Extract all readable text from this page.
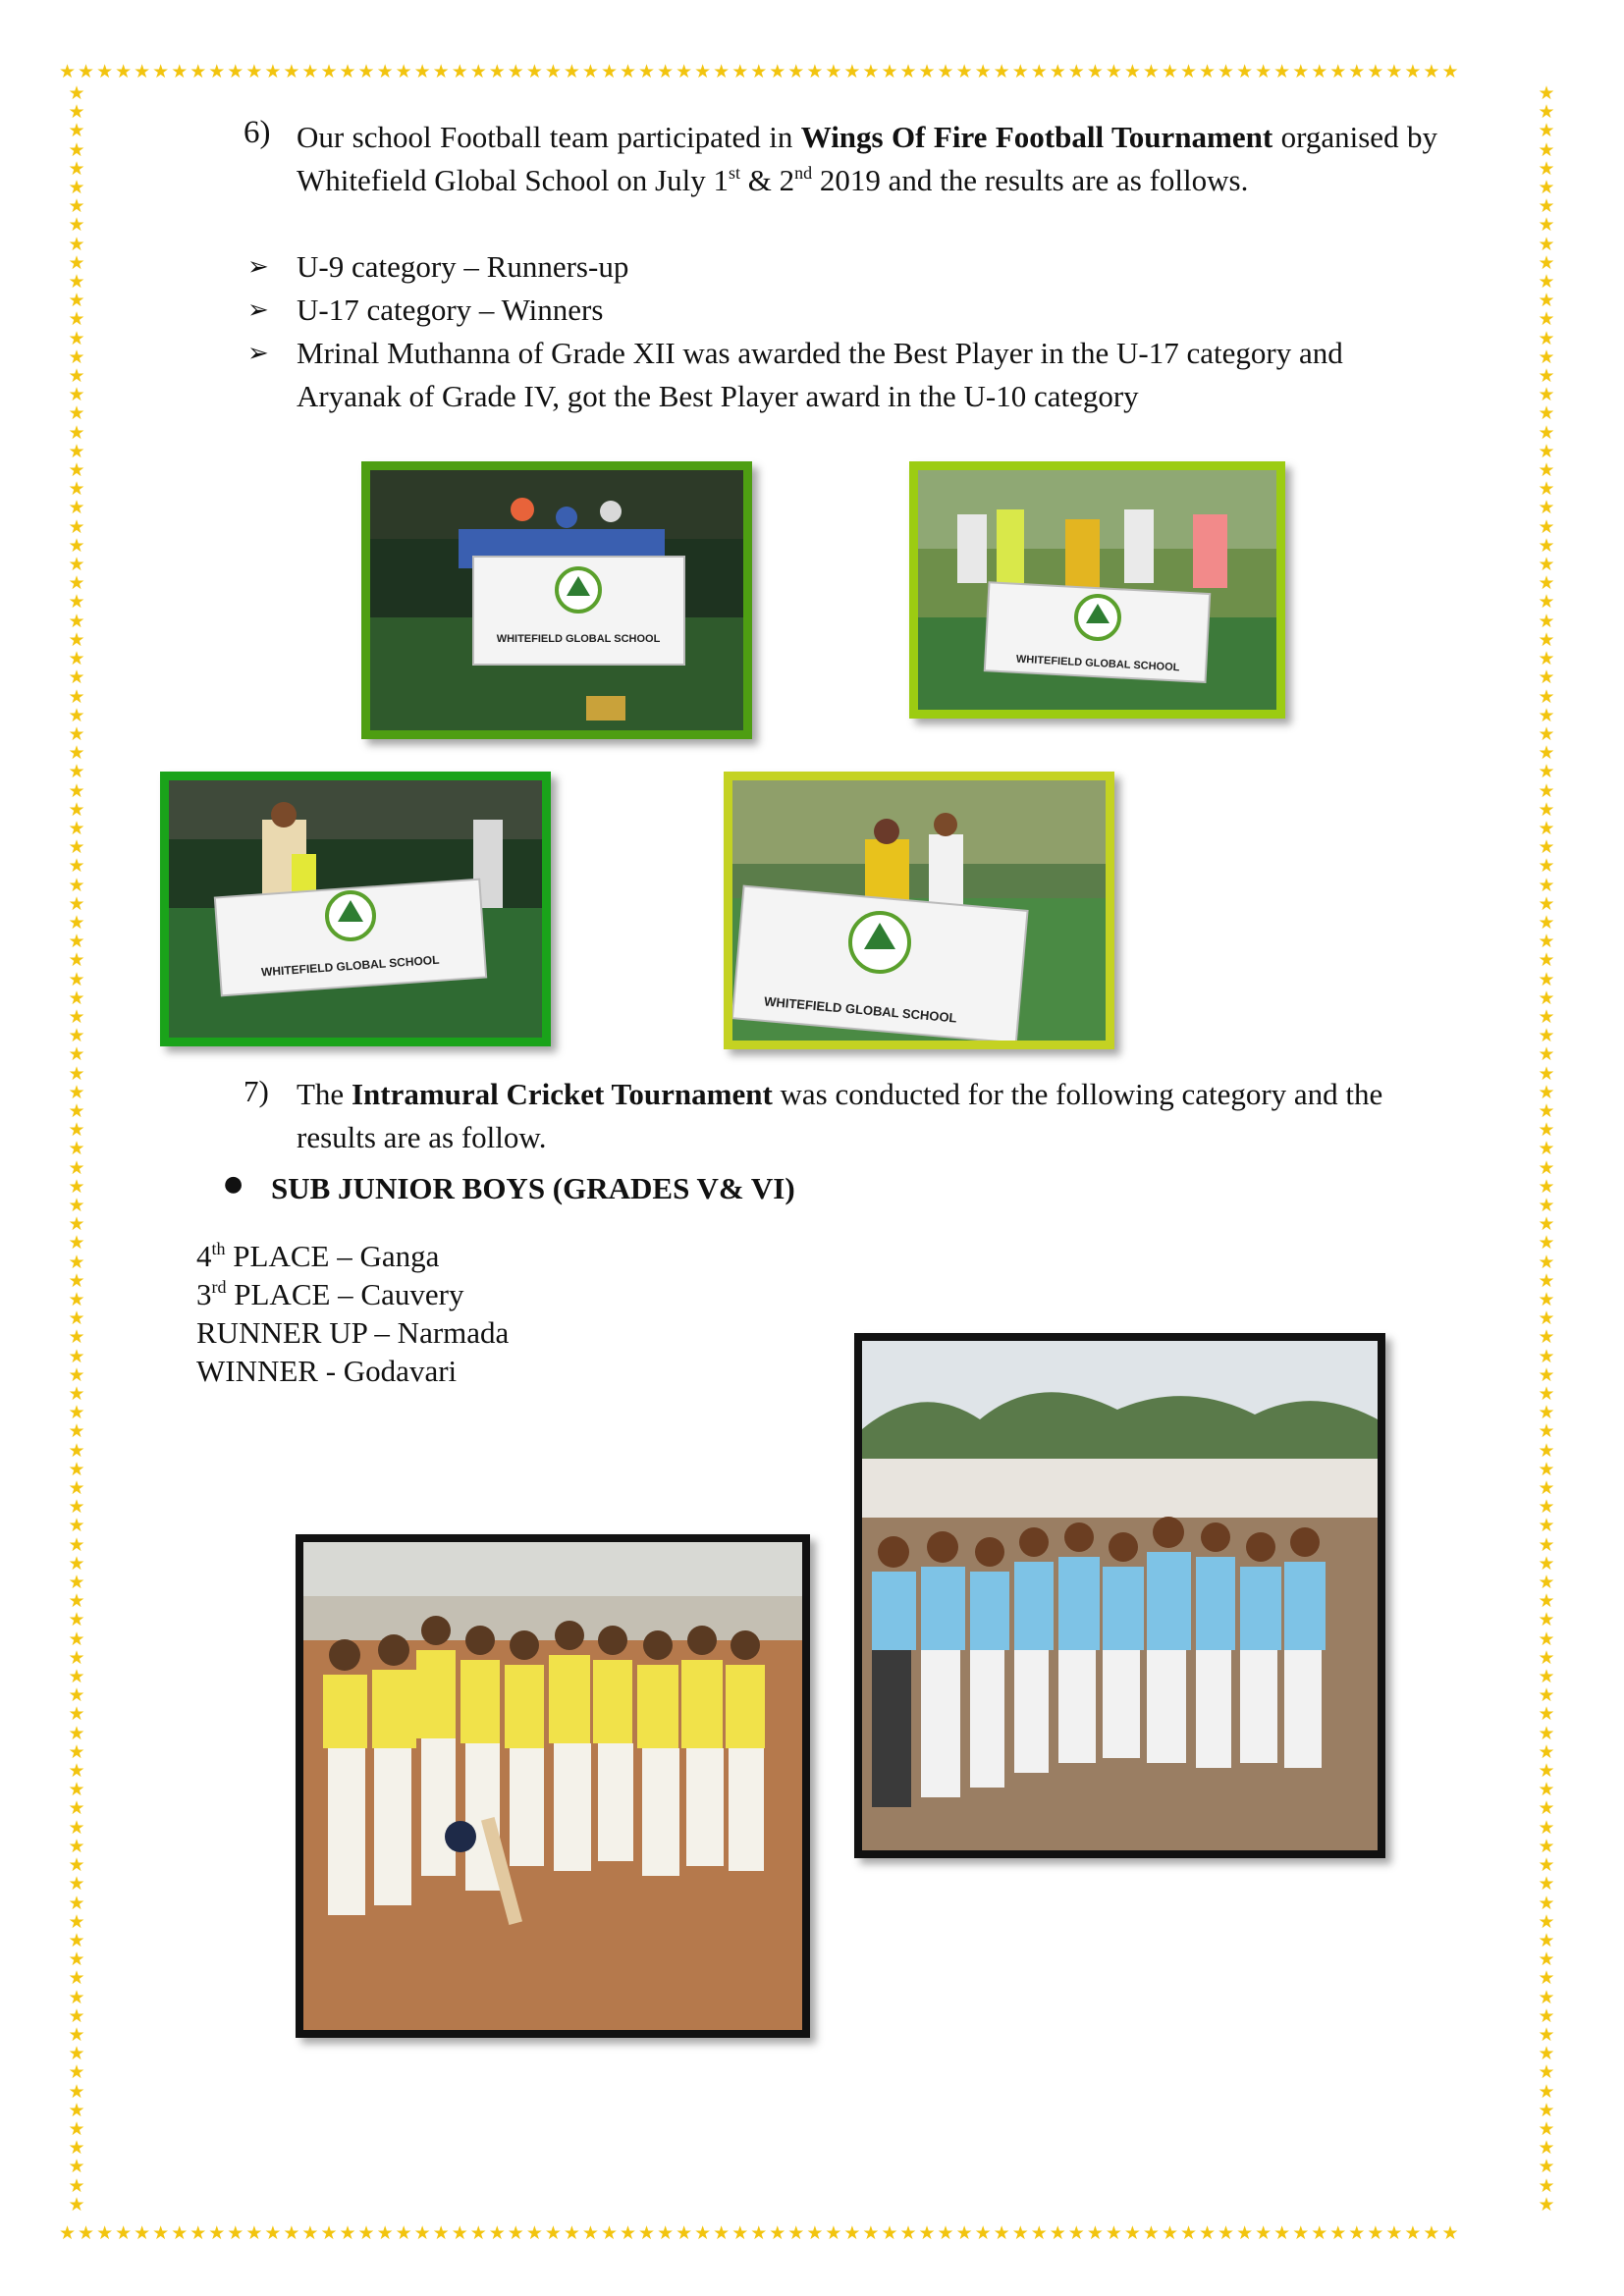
★★★★★★★★★★★★★★★★★★★★★★★★★★★★★★★★★★★★★★★★★★★★★★★★★★★★★★★★★★★★★★★★★★★★★★★★★★★
★★★★★★★★★★★★★★★★★★★★★★★★★★★★★★★★★★★★★★★★★★★★★★★★★★★★★★★★★★★★★★★★★★★★★★★★★★★
★
★
★
★
★
★
★
★
★
★
★
★
★
★
★
★
★
★
★
★
★
★
★
★
★
★
★
★
★
★
★
★
★
★
★
★
★
★
★
★
★
★
★
★
★
★
★
★
★
★
★
★
★
★
★
★
★
★
★
★
★
★
★
★
★
★
★
★
★
★
★
★
★
★
★
★
★
★
★
★
★
★
★
★
★
★
★
★
★
★
★
★
★
★
★
★
★
★
★
★
★
★
★
★
★
★
★
★
★
★
★
★
★
★
★
★
★
★
★
★
★
★
★
★
★
★
★
★
★
★
★
★
★
★
★
★
★
★
★
★
★
★
★
★
★
★
★
★
★
★
★
★
★
★
★
★
★
★
★
★
★
★
★
★
★
★
★
★
★
★
★
★
★
★
★
★
★
★
★
★
★
★
★
★
★
★
★
★
★
★
★
★
★
★
★
★
★
★
★
★
★
★
★
★
★
★
★
★
★
★
★
★
★
★
★
★
★
★
★
★
★
★
★
★
★
★
6) Our school Football team participated in Wings Of Fire Football Tournament organised by Whitefield Global School on July 1st & 2nd 2019 and the results are as follows.
➢ U-9 category – Runners-up
➢ U-17 category – Winners
➢ Mrinal Muthanna of Grade XII was awarded the Best Player in the U-17 category and Aryanak of Grade IV, got the Best Player award in the U-10 category
WHITEFIELD GLOBAL SCHOOL
WHITEFIELD GLOBAL SCHOOL
WHITEFIELD GLOBAL SCHOOL
WHITEFIELD GLOBAL SCHOOL
7) The Intramural Cricket Tournament was conducted for the following category and the results are as follow.
● SUB JUNIOR BOYS (GRADES V& VI)
4th PLACE – Ganga
3rd PLACE – Cauvery
RUNNER UP – Narmada
WINNER - Godavari
